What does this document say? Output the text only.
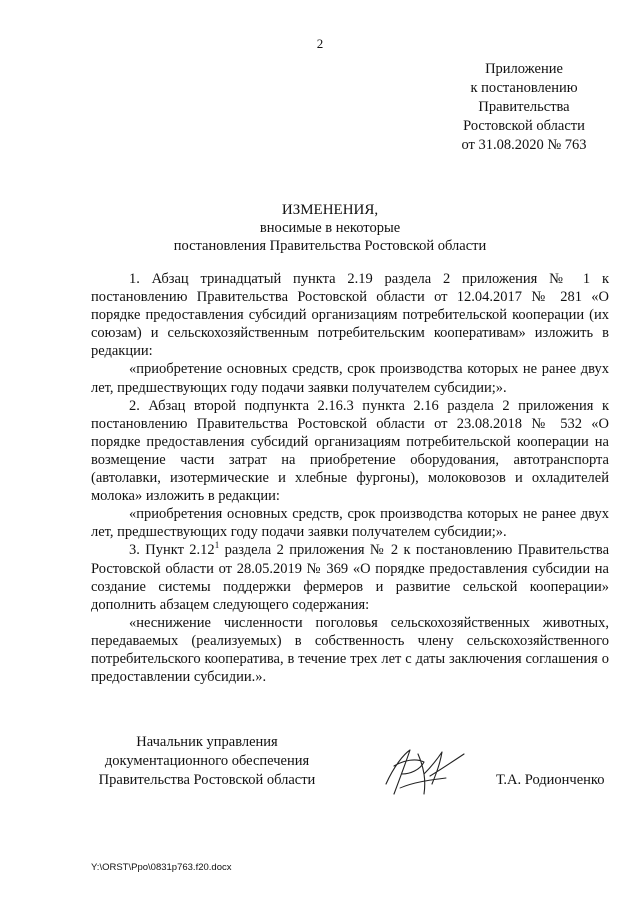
2
Приложение
к постановлению
Правительства
Ростовской области
от 31.08.2020 № 763
ИЗМЕНЕНИЯ,
вносимые в некоторые
постановления Правительства Ростовской области

1. Абзац тринадцатый пункта 2.19 раздела 2 приложения № 1 к постановлению Правительства Ростовской области от 12.04.2017 № 281 «О порядке предоставления субсидий организациям потребительской кооперации (их союзам) и сельскохозяйственным потребительским кооперативам» изложить в редакции:

«приобретение основных средств, срок производства которых не ранее двух лет, предшествующих году подачи заявки получателем субсидии;».

2. Абзац второй подпункта 2.16.3 пункта 2.16 раздела 2 приложения к постановлению Правительства Ростовской области от 23.08.2018 № 532 «О порядке предоставления субсидий организациям потребительской кооперации на возмещение части затрат на приобретение оборудования, автотранспорта (автолавки, изотермические и хлебные фургоны), молоковозов и охладителей молока» изложить в редакции:

«приобретения основных средств, срок производства которых не ранее двух лет, предшествующих году подачи заявки получателем субсидии;».

3. Пункт 2.12$^1$ раздела 2 приложения № 2 к постановлению Правительства Ростовской области от 28.05.2019 № 369 «О порядке предоставления субсидии на создание системы поддержки фермеров и развитие сельской кооперации» дополнить абзацем следующего содержания:

«неснижение численности поголовья сельскохозяйственных животных, передаваемых (реализуемых) в собственность члену сельскохозяйственного потребительского кооператива, в течение трех лет с даты заключения соглашения о предоставлении субсидии.».

Начальник управления
документационного обеспечения
Правительства Ростовской области	Т.А. Родионченко
Y:\ORST\Ppo\0831p763.f20.docx
